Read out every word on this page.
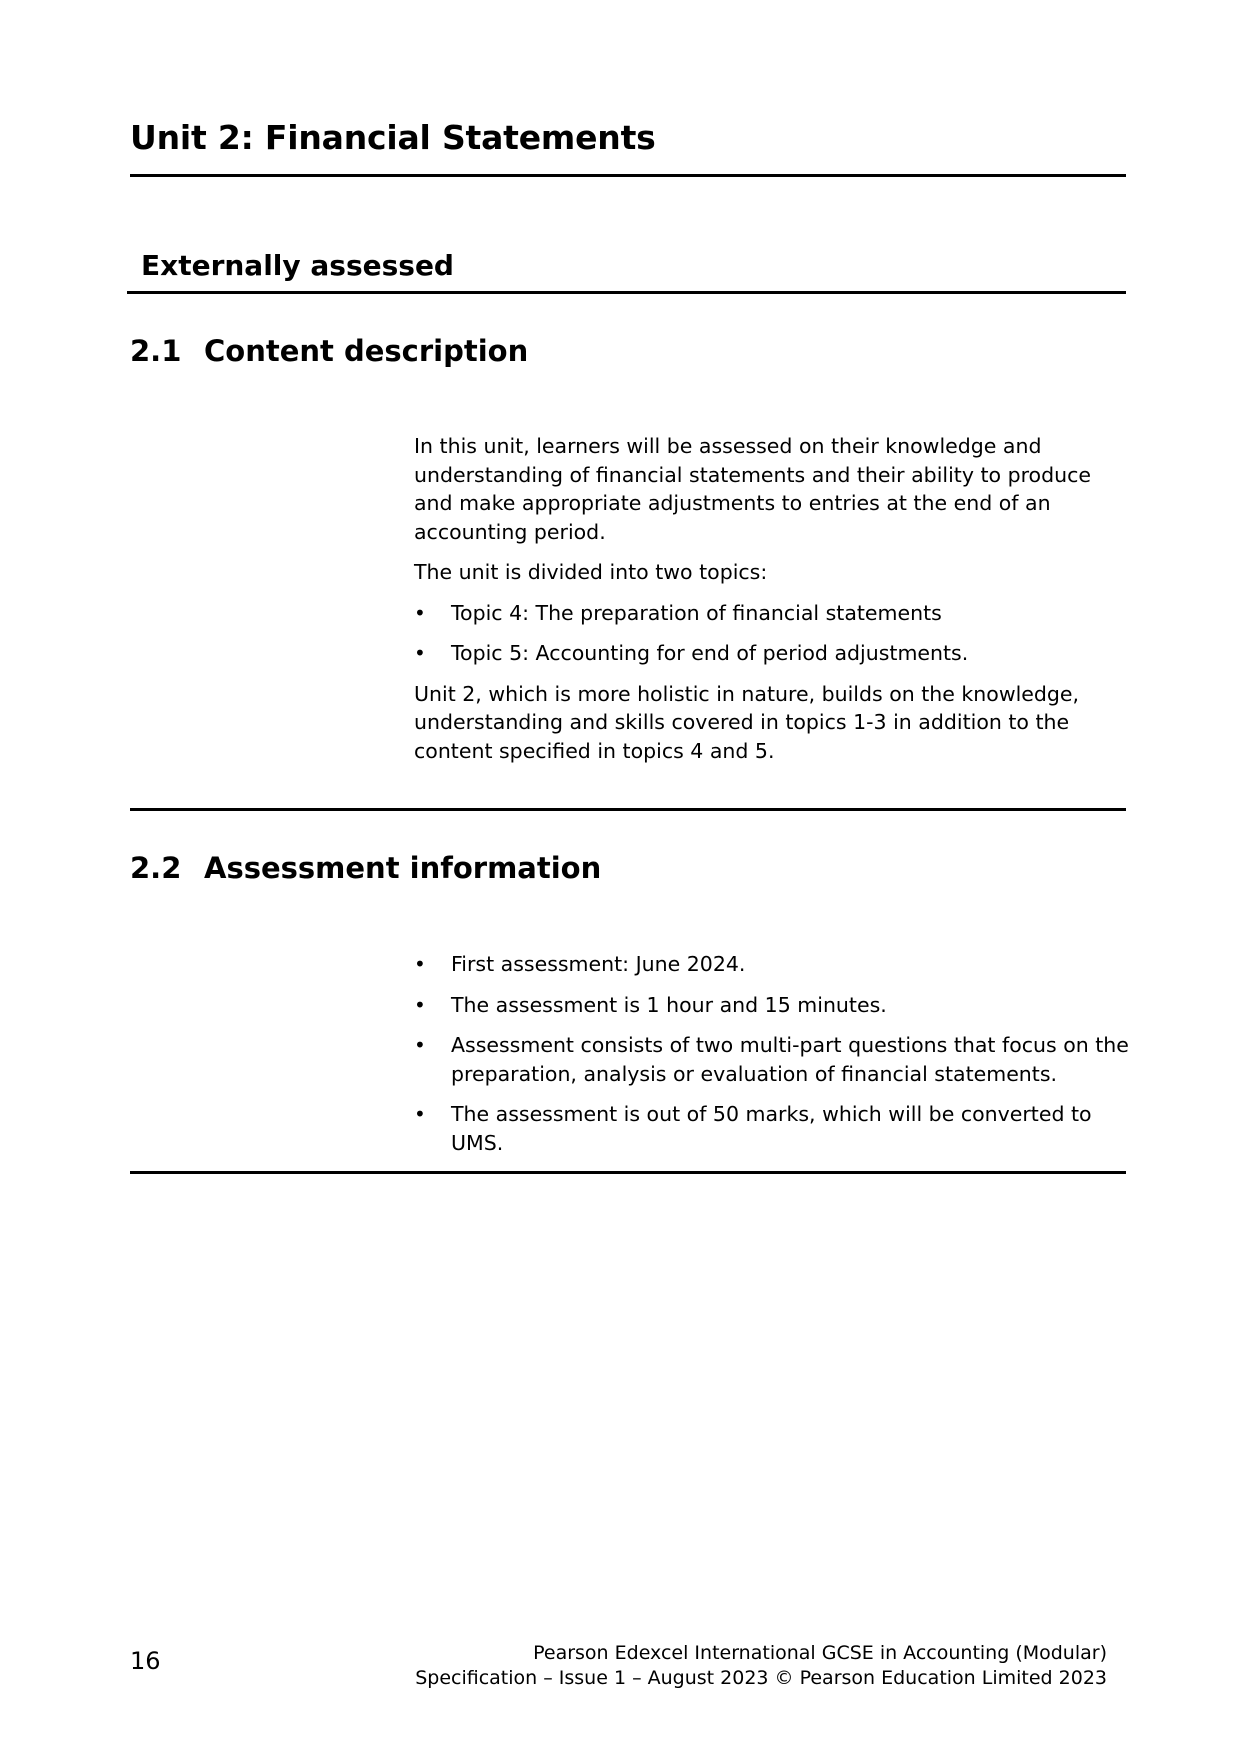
Unit 2: Financial Statements
Externally assessed
2.1 Content description

In this unit, learners will be assessed on their knowledge and understanding of financial statements and their ability to produce and make appropriate adjustments to entries at the end of an accounting period.

The unit is divided into two topics:

•	Topic 4: The preparation of financial statements
•	Topic 5: Accounting for end of period adjustments.

Unit 2, which is more holistic in nature, builds on the knowledge, understanding and skills covered in topics 1-3 in addition to the content specified in topics 4 and 5.

2.2 Assessment information
•	First assessment: June 2024.
•	The assessment is 1 hour and 15 minutes.
•	Assessment consists of two multi-part questions that focus on the preparation, analysis or evaluation of financial statements.
•	The assessment is out of 50 marks, which will be converted to UMS.
16	Pearson Edexcel International GCSE in Accounting (Modular)
Specification – Issue 1 – August 2023 © Pearson Education Limited 2023
